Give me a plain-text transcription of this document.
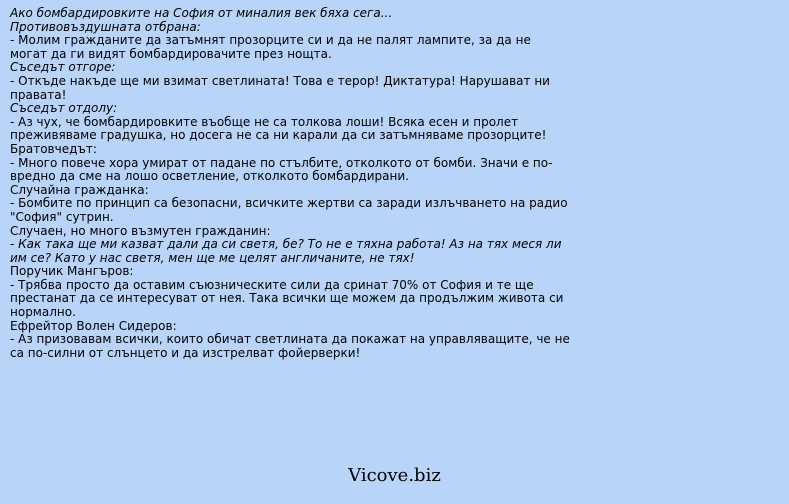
Ако бомбардировките на София от миналия век бяха сега...
Противовъздушната отбрана:
- Молим гражданите да затъмнят прозорците си и да не палят лампите, за да не могат да ги видят бомбардировачите през нощта.
Съседът отгоре:
- Откъде накъде ще ми взимат светлината! Това е терор! Диктатура! Нарушават ни правата!
Съседът отдолу:
- Аз чух, че бомбардировките въобще не са толкова лоши! Всяка есен и пролет преживяваме градушка, но досега не са ни карали да си затъмняваме прозорците!
Братовчедът:
- Много повече хора умират от падане по стълбите, отколкото от бомби. Значи е по-вредно да сме на лошо осветление, отколкото бомбардирани.
Случайна гражданка:
- Бомбите по принцип са безопасни, всичките жертви са заради излъчването на радио "София" сутрин.
Случаен, но много възмутен гражданин:
- Как така ще ми казват дали да си светя, бе? То не е тяхна работа! Аз на тях меся ли им се? Като у нас светя, мен ще ме целят англичаните, не тях!
Поручик Мангъров:
- Трябва просто да оставим съюзническите сили да сринат 70% от София и те ще престанат да се интересуват от нея. Така всички ще можем да продължим живота си нормално.
Ефрейтор Волен Сидеров:
- Аз призовавам всички, които обичат светлината да покажат на управляващите, че не са по-силни от слънцето и да изстрелват фойерверки!
Vicove.biz
